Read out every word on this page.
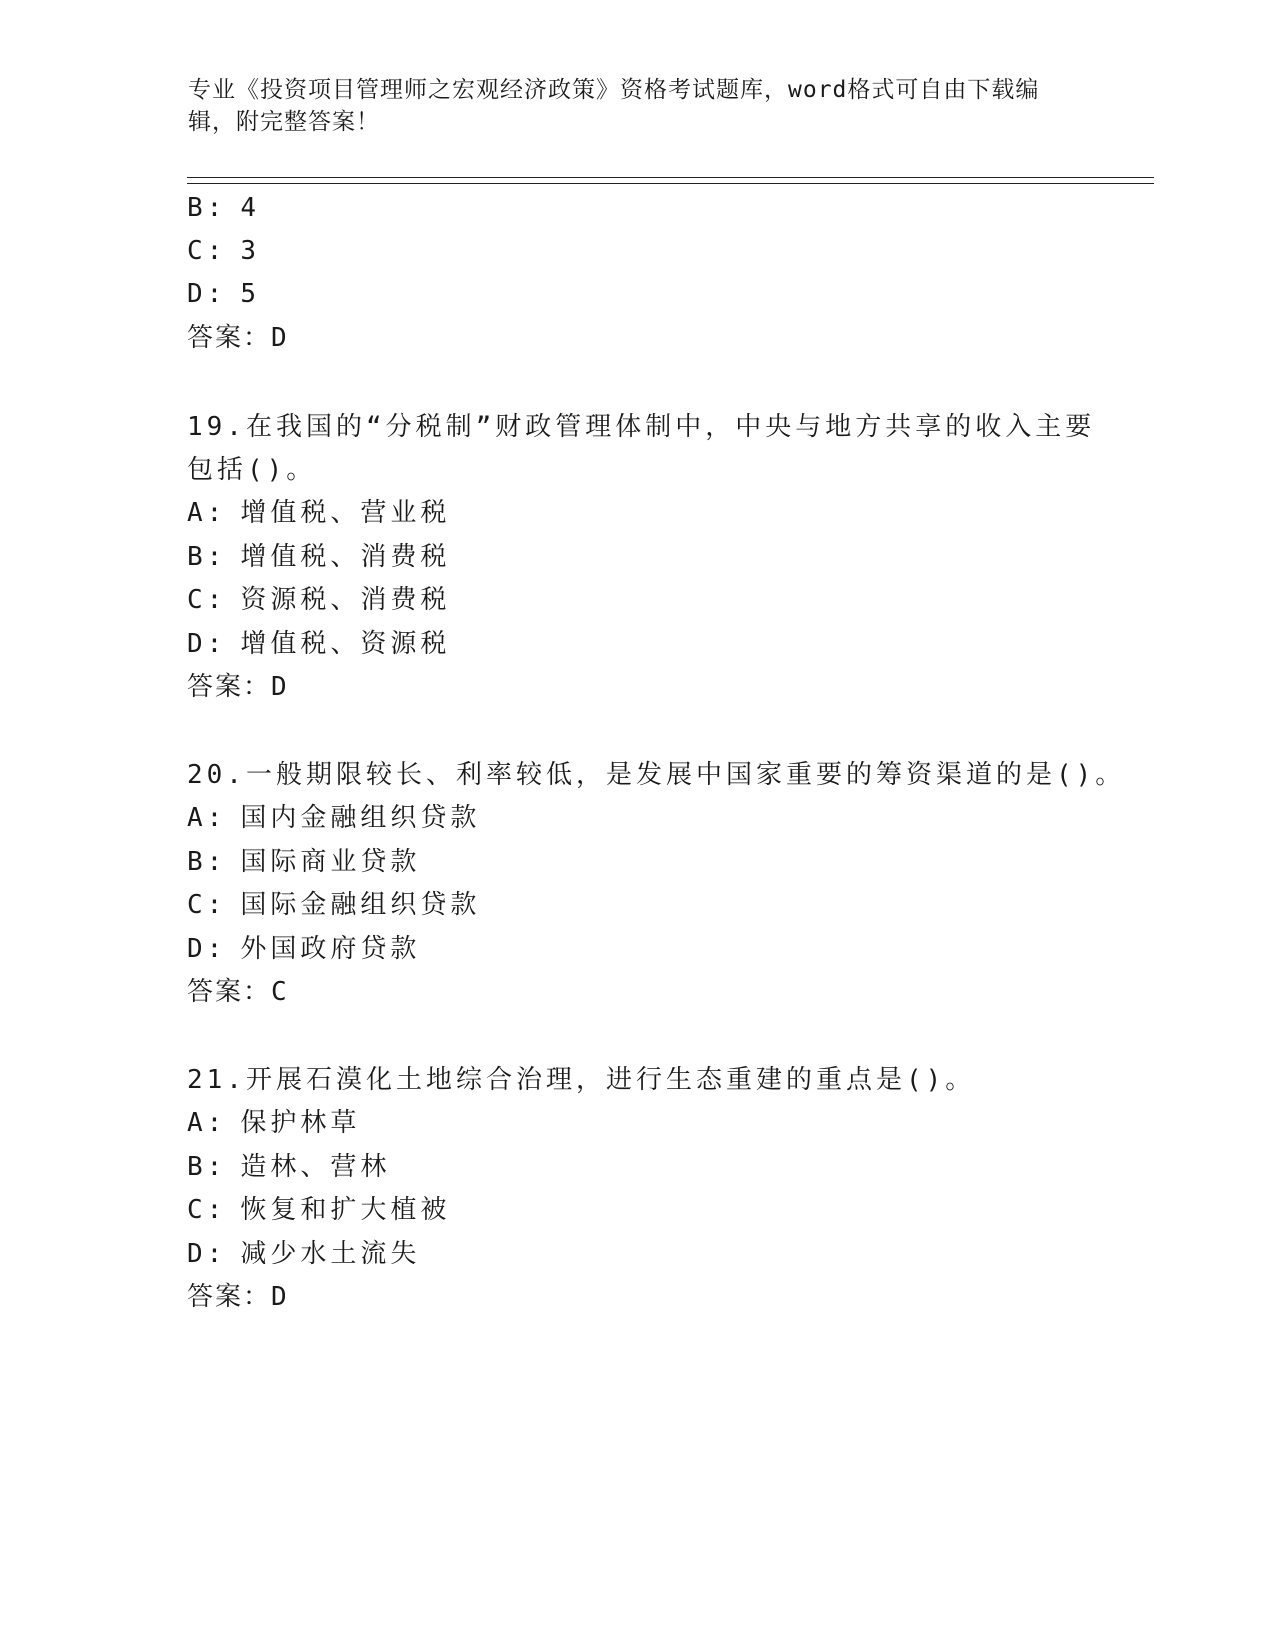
专业《投资项目管理师之宏观经济政策》资格考试题库，word格式可自由下载编
辑，附完整答案！
B: 4
C: 3
D: 5
答案：D
19.在我国的“分税制”财政管理体制中，中央与地方共享的收入主要
包括()。
A: 增值税、营业税
B: 增值税、消费税
C: 资源税、消费税
D: 增值税、资源税
答案：D
20.一般期限较长、利率较低，是发展中国家重要的筹资渠道的是()。
A: 国内金融组织贷款
B: 国际商业贷款
C: 国际金融组织贷款
D: 外国政府贷款
答案：C
21.开展石漠化土地综合治理，进行生态重建的重点是()。
A: 保护林草
B: 造林、营林
C: 恢复和扩大植被
D: 减少水土流失
答案：D
